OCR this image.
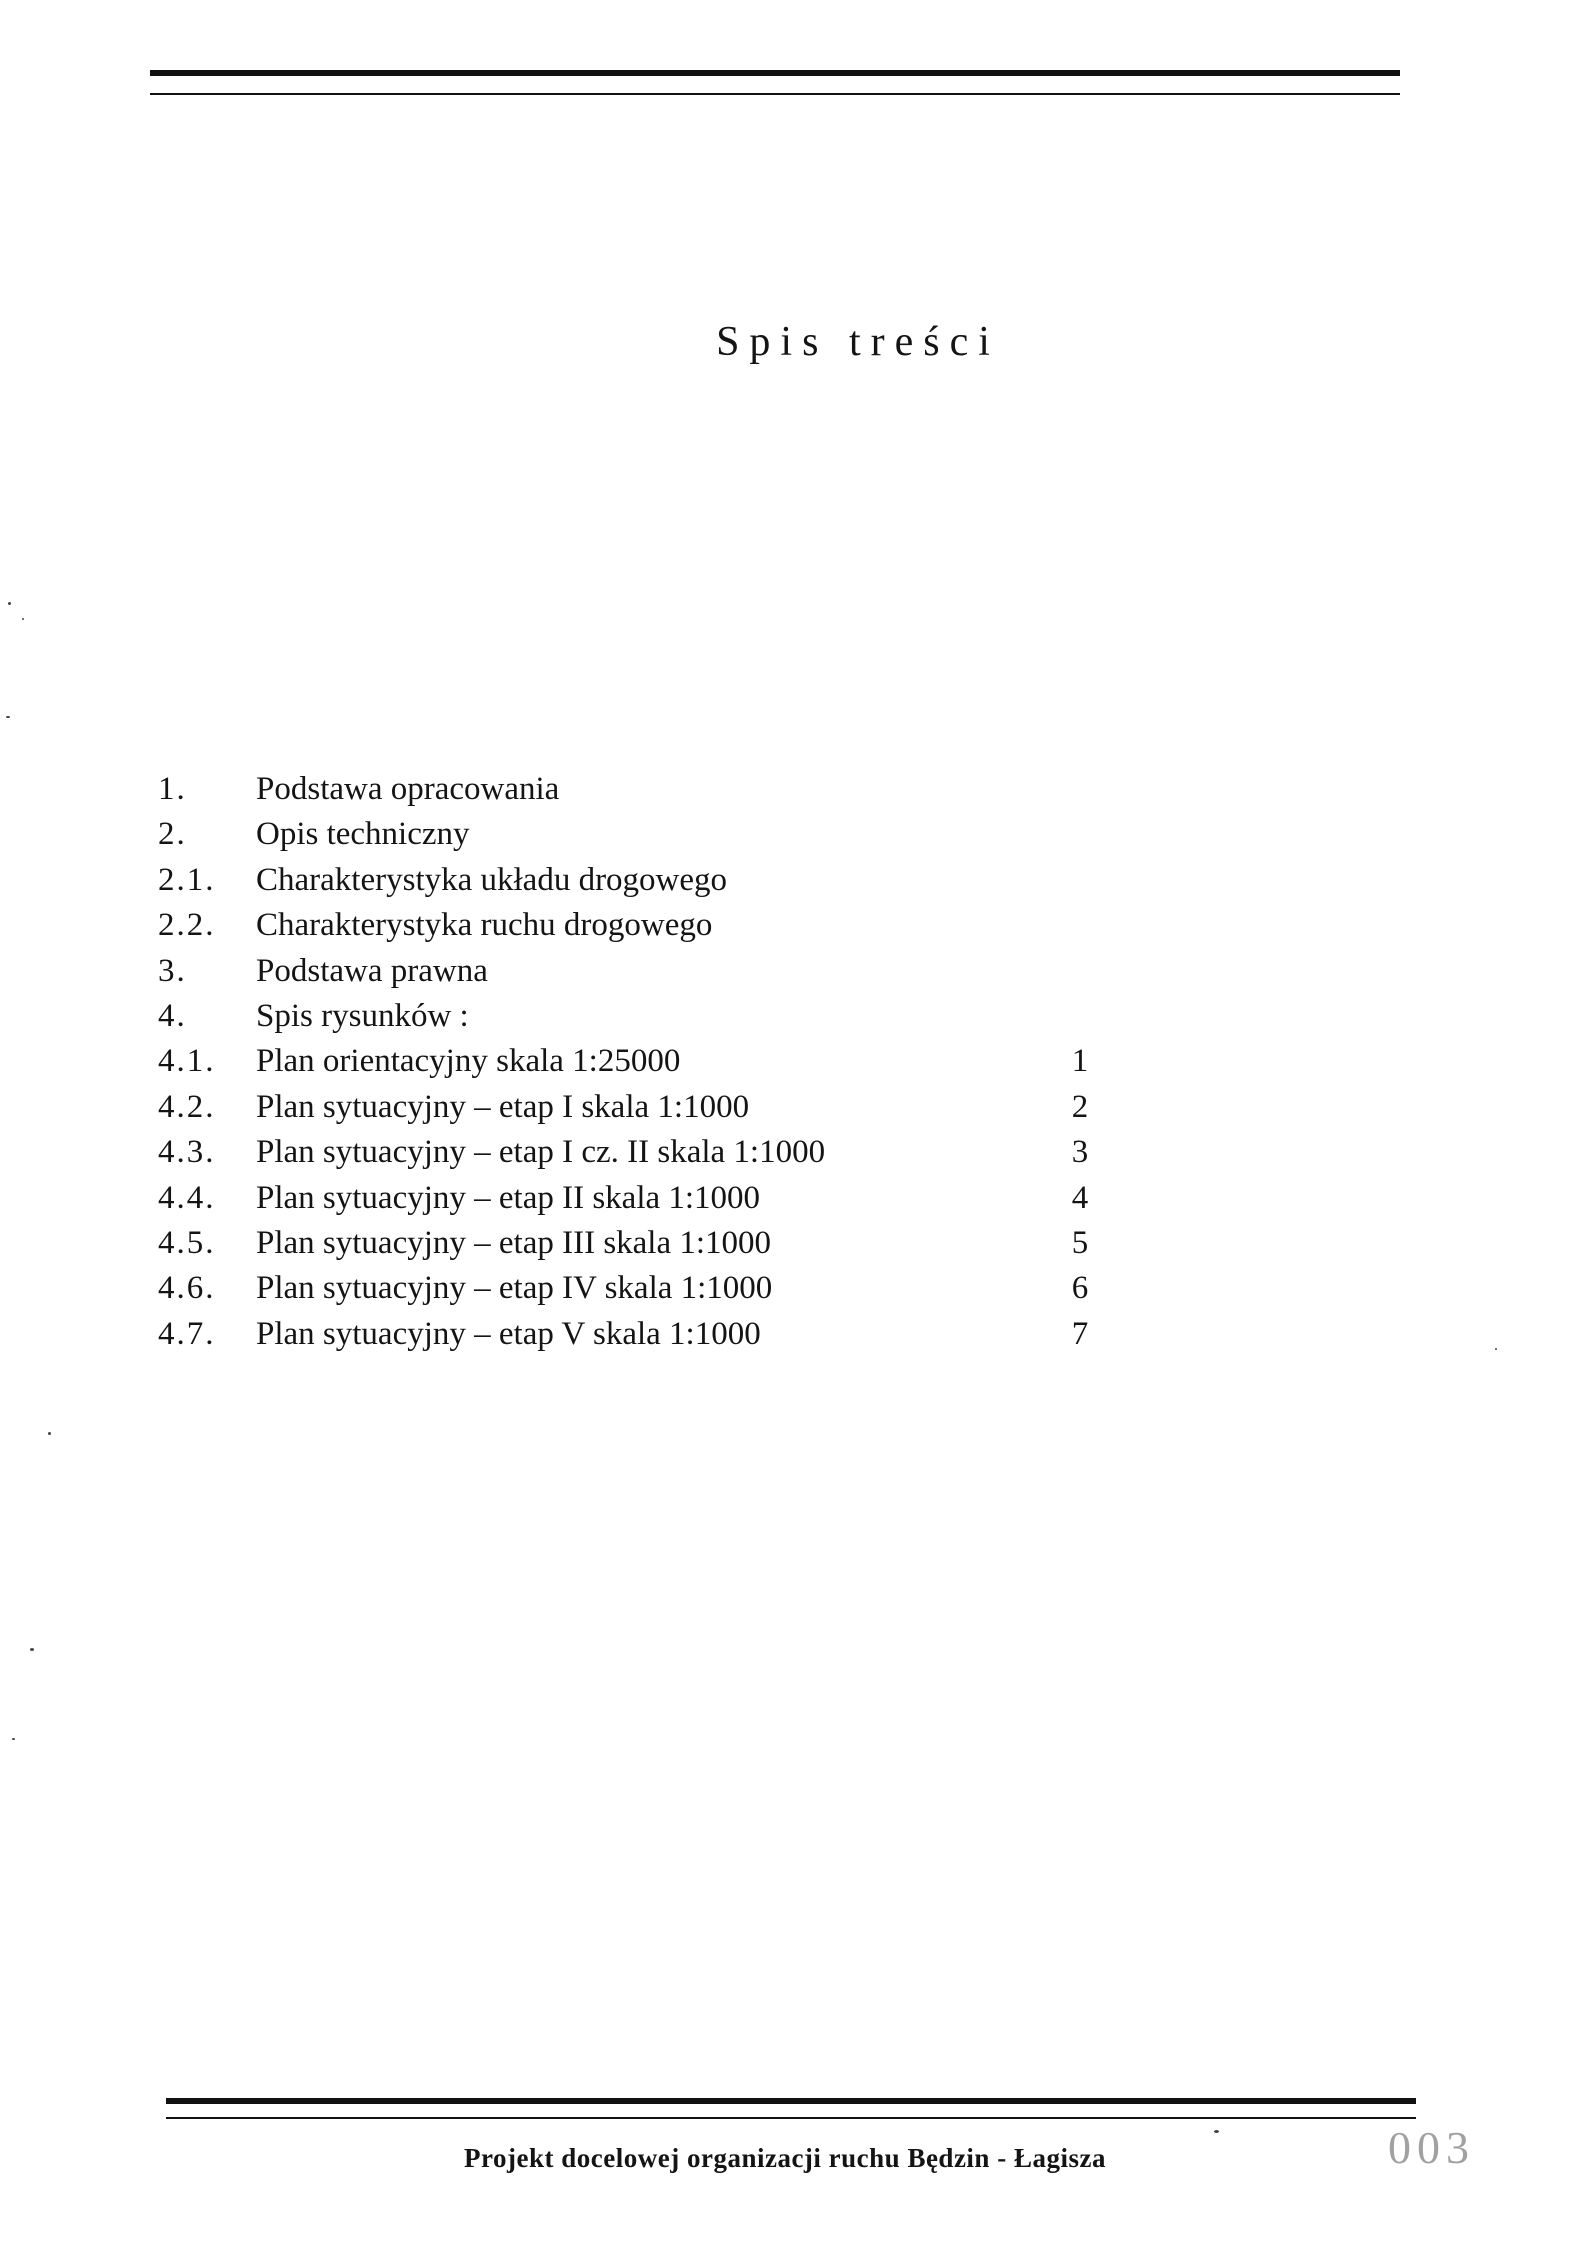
Spis treści
1. Podstawa opracowania
2. Opis techniczny
2.1. Charakterystyka układu drogowego
2.2. Charakterystyka ruchu drogowego
3. Podstawa prawna
4. Spis rysunków :
4.1. Plan orientacyjny skala 1:25000	1
4.2. Plan sytuacyjny – etap I skala 1:1000	2
4.3. Plan sytuacyjny – etap I cz. II skala 1:1000	3
4.4. Plan sytuacyjny – etap II skala 1:1000	4
4.5. Plan sytuacyjny – etap III skala 1:1000	5
4.6. Plan sytuacyjny – etap IV skala 1:1000	6
4.7. Plan sytuacyjny – etap V skala 1:1000	7
Projekt docelowej organizacji ruchu Będzin - Łagisza	003
